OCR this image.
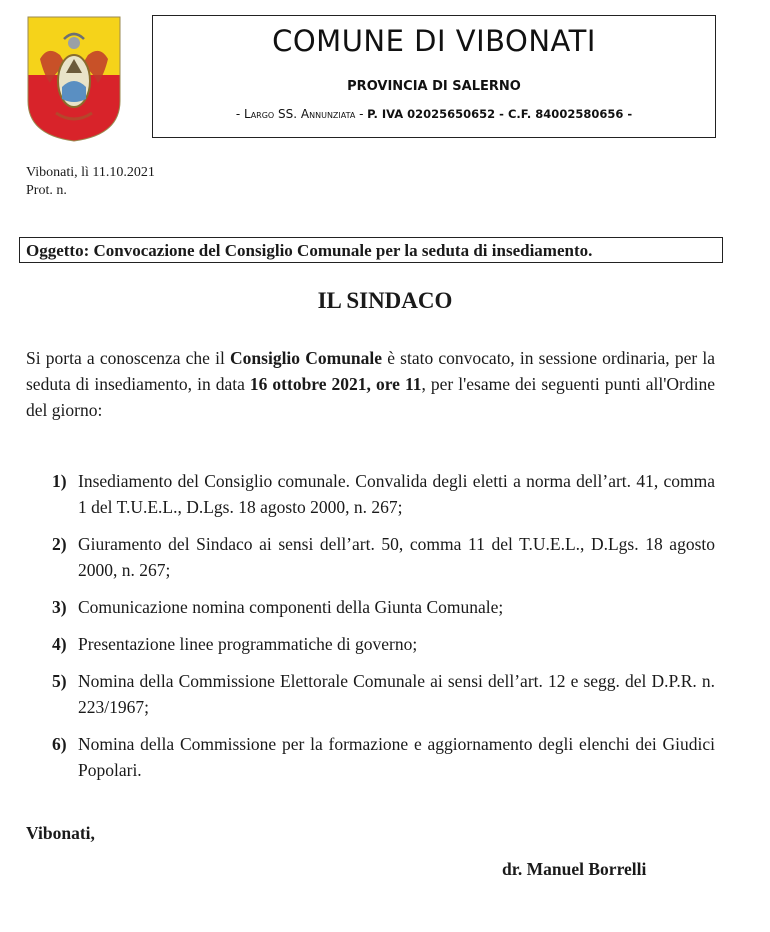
COMUNE DI VIBONATI
PROVINCIA DI SALERNO
- Largo SS. Annunziata - P. IVA 02025650652 - C.F. 84002580656 -
Vibonati, lì 11.10.2021
Prot. n.
Oggetto: Convocazione del Consiglio Comunale per la seduta di insediamento.
IL SINDACO
Si porta a conoscenza che il Consiglio Comunale è stato convocato, in sessione ordinaria, per la seduta di insediamento, in data 16 ottobre 2021, ore 11, per l'esame dei seguenti punti all'Ordine del giorno:
1) Insediamento del Consiglio comunale. Convalida degli eletti a norma dell’art. 41, comma 1 del T.U.E.L., D.Lgs. 18 agosto 2000, n. 267;
2) Giuramento del Sindaco ai sensi dell’art. 50, comma 11 del T.U.E.L., D.Lgs. 18 agosto 2000, n. 267;
3) Comunicazione nomina componenti della Giunta Comunale;
4) Presentazione linee programmatiche di governo;
5) Nomina della Commissione Elettorale Comunale ai sensi dell’art. 12 e segg. del D.P.R. n. 223/1967;
6) Nomina della Commissione per la formazione e aggiornamento degli elenchi dei Giudici Popolari.
Vibonati,
dr. Manuel Borrelli
